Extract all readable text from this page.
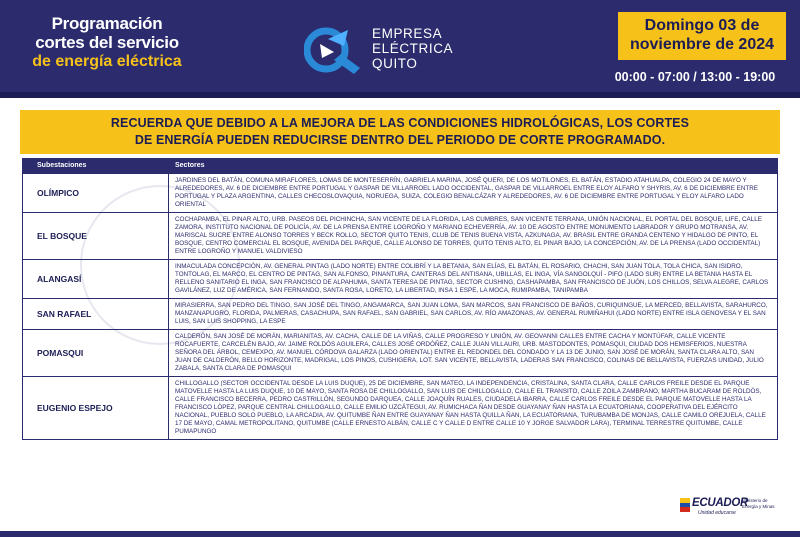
Programación
cortes del servicio
de energía eléctrica
EMPRESA
ELÉCTRICA
QUITO
Domingo 03 de
noviembre de 2024
00:00 - 07:00 / 13:00 - 19:00
RECUERDA QUE DEBIDO A LA MEJORA DE LAS CONDICIONES HIDROLÓGICAS, LOS CORTES
DE ENERGÍA PUEDEN REDUCIRSE DENTRO DEL PERIODO DE CORTE PROGRAMADO.
Subestaciones	Sectores
OLÍMPICO
JARDINES DEL BATÁN, COMUNA MIRAFLORES, LOMAS DE MONTESERRÍN, GABRIELA MARINA, JOSÉ QUERI, DE LOS MOTILONES, EL BATÁN, ESTADIO ATAHUALPA, COLEGIO 24 DE MAYO Y ALREDEDORES, AV. 6 DE DICIEMBRE ENTRE PORTUGAL Y GASPAR DE VILLARROEL LADO OCCIDENTAL, GASPAR DE VILLARROEL ENTRE ELOY ALFARO Y SHYRIS, AV. 6 DE DICIEMBRE ENTRE PORTUGAL Y PLAZA ARGENTINA, CALLES CHECOSLOVAQUIA, NORUEGA, SUIZA, COLEGIO BENALCÁZAR Y ALREDEDORES, AV. 6 DE DICIEMBRE ENTRE PORTUGAL Y ELOY ALFARO LADO ORIENTAL
EL BOSQUE
COCHAPAMBA, EL PINAR ALTO, URB. PASEOS DEL PICHINCHA, SAN VICENTE DE LA FLORIDA, LAS CUMBRES, SAN VICENTE TERRANA, UNIÓN NACIONAL, EL PORTAL DEL BOSQUE, LIFE, CALLE ZAMORA, INSTITUTO NACIONAL DE POLICÍA, AV. DE LA PRENSA ENTRE LOGROÑO Y MARIANO ECHEVERRÍA, AV. 10 DE AGOSTO ENTRE MONUMENTO LABRADOR Y GRUPO MOTRANSA, AV. MARISCAL SUCRE ENTRE ALONSO TORRES Y BECK ROLLO, SECTOR QUITO TENIS, CLUB DE TENIS BUENA VISTA, AZKUNAGA, AV. BRASIL ENTRE GRANDA CENTENO Y HIDALGO DE PINTO, EL BOSQUE, CENTRO COMERCIAL EL BOSQUE, AVENIDA DEL PARQUE, CALLE ALONSO DE TORRES, QUITO TENIS ALTO, EL PINAR BAJO, LA CONCEPCIÓN, AV. DE LA PRENSA (LADO OCCIDENTAL) ENTRE LOGROÑO Y MANUEL VALDIVIESO
ALANGASÍ
INMACULADA CONCEPCIÓN, AV. GENERAL PINTAG (LADO NORTE) ENTRE COLIBRÍ Y LA BETANIA, SAN ELÍAS, EL BATÁN, EL ROSARIO, CHACHI, SAN JUAN TOLA, TOLA CHICA, SAN ISIDRO, TONTOLAG, EL MARCO, EL CENTRO DE PINTAG, SAN ALFONSO, PINANTURA, CANTERAS DEL ANTISANA, UBILLAS, EL INGA, VÍA SANGOLQUÍ - PIFO (LADO SUR) ENTRE LA BETANIA HASTA EL RELLENO SANITARIO EL INGA, SAN FRANCISCO DE ALPAHUMA, SANTA TERESA DE PINTAG, SECTOR CUSHING, CASHAPAMBA, SAN FRANCISCO DE JUÓN, LOS CHILLOS, SELVA ALEGRE, CARLOS GAVILÁNEZ, LUZ DE AMÉRICA, SAN FERNANDO, SANTA ROSA, LORETO, LA LIBERTAD, INSA 1 ESPE, LA MOCA, RUMIPAMBA, TANIPAMBA
SAN RAFAEL
MIRASIERRA, SAN PEDRO DEL TINGO, SAN JOSÉ DEL TINGO, ANGAMARCA, SAN JUAN LOMA, SAN MARCOS, SAN FRANCISCO DE BAÑOS, CURIQUINGUE, LA MERCED, BELLAVISTA, SARAHURCO, MANZANAPUGRO, FLORIDA, PALMERAS, CASACHUPA, SAN RAFAEL, SAN GABRIEL, SAN CARLOS, AV. RÍO AMAZONAS, AV. GENERAL RUMIÑAHUI (LADO NORTE) ENTRE ISLA GENOVESA Y EL SAN LUIS, SAN LUIS SHOPPING, LA ESPE
POMASQUI
CALDERÓN, SAN JOSÉ DE MORÁN, MARIANITAS, AV. CACHA, CALLE DE LA VIÑAS, CALLE PROGRESO Y UNIÓN, AV. GEOVANNI CALLES ENTRE CACHA Y MONTÚFAR, CALLE VICENTE ROCAFUERTE, CARCELÉN BAJO, AV. JAIME ROLDÓS AGUILERA, CALLES JOSÉ ORDÓÑEZ, CALLE JUAN VILLAURI, URB. MASTODONTES, POMASQUI, CIUDAD DOS HEMISFERIOS, NUESTRA SEÑORA DEL ÁRBOL, CEMEXPO, AV. MANUEL CÓRDOVA GALARZA (LADO ORIENTAL) ENTRE EL REDONDEL DEL CONDADO Y LA 13 DE JUNIO, SAN JOSÉ DE MORÁN, SANTA CLARA ALTO, SAN JUAN DE CALDERÓN, BELLO HORIZONTE, MADRIGAL, LOS PINOS, CUSHIGERA, LOT. SAN VICENTE, BELLAVISTA, LADERAS SAN FRANCISCO, COLINAS DE BELLAVISTA, FUERZAS UNIDAD, JULIO ZABALA, SANTA CLARA DE POMASQUI
EUGENIO ESPEJO
CHILLOGALLO (SECTOR OCCIDENTAL DESDE LA LUIS DUQUE), 25 DE DICIEMBRE, SAN MATEO, LA INDEPENDENCIA, CRISTALINA, SANTA CLARA, CALLE CARLOS FREILE DESDE EL PARQUE MATOVELLE HASTA LA LUIS DUQUE, 10 DE MAYO, SANTA ROSA DE CHILLOGALLO, SAN LUIS DE CHILLOGALLO, CALLE EL TRANSITO, CALLE ZOILA ZAMBRANO, MARTHA BUCARAM DE ROLDÓS, CALLE FRANCISCO BECERRA, PEDRO CASTRILLÓN, SEGUNDO DARQUEA, CALLE JOAQUÍN RUALES, CIUDADELA IBARRA, CALLE CARLOS FREILE DESDE EL PARQUE MATOVELLE HASTA LA FRANCISCO LÓPEZ, PARQUE CENTRAL CHILLOGALLO, CALLE EMILIO UZCÁTEGUI, AV. RUMICHACA ÑAN DESDE GUAYANAY ÑAN HASTA LA ECUATORIANA, COOPERATIVA DEL EJÉRCITO NACIONAL, PUEBLO SOLO PUEBLO, LA ARCADIA, AV. QUITUMBE ÑAN ENTRE GUAYANAY ÑAN HASTA QUILLA ÑAN, LA ECUATORIANA, TURUBAMBA DE MONJAS, CALLE CAMILO OREJUELA, CALLE 17 DE MAYO, CAMAL METROPOLITANO, QUITUMBE (CALLE ERNESTO ALBÁN, CALLE C Y CALLE D ENTRE CALLE 10 Y JORGE SALVADOR LARA), TERMINAL TERRESTRE QUITUMBE, CALLE PUMAPUNGO
ECUADOR
Unidad educarse
Ministerio de
Energía y Minas
